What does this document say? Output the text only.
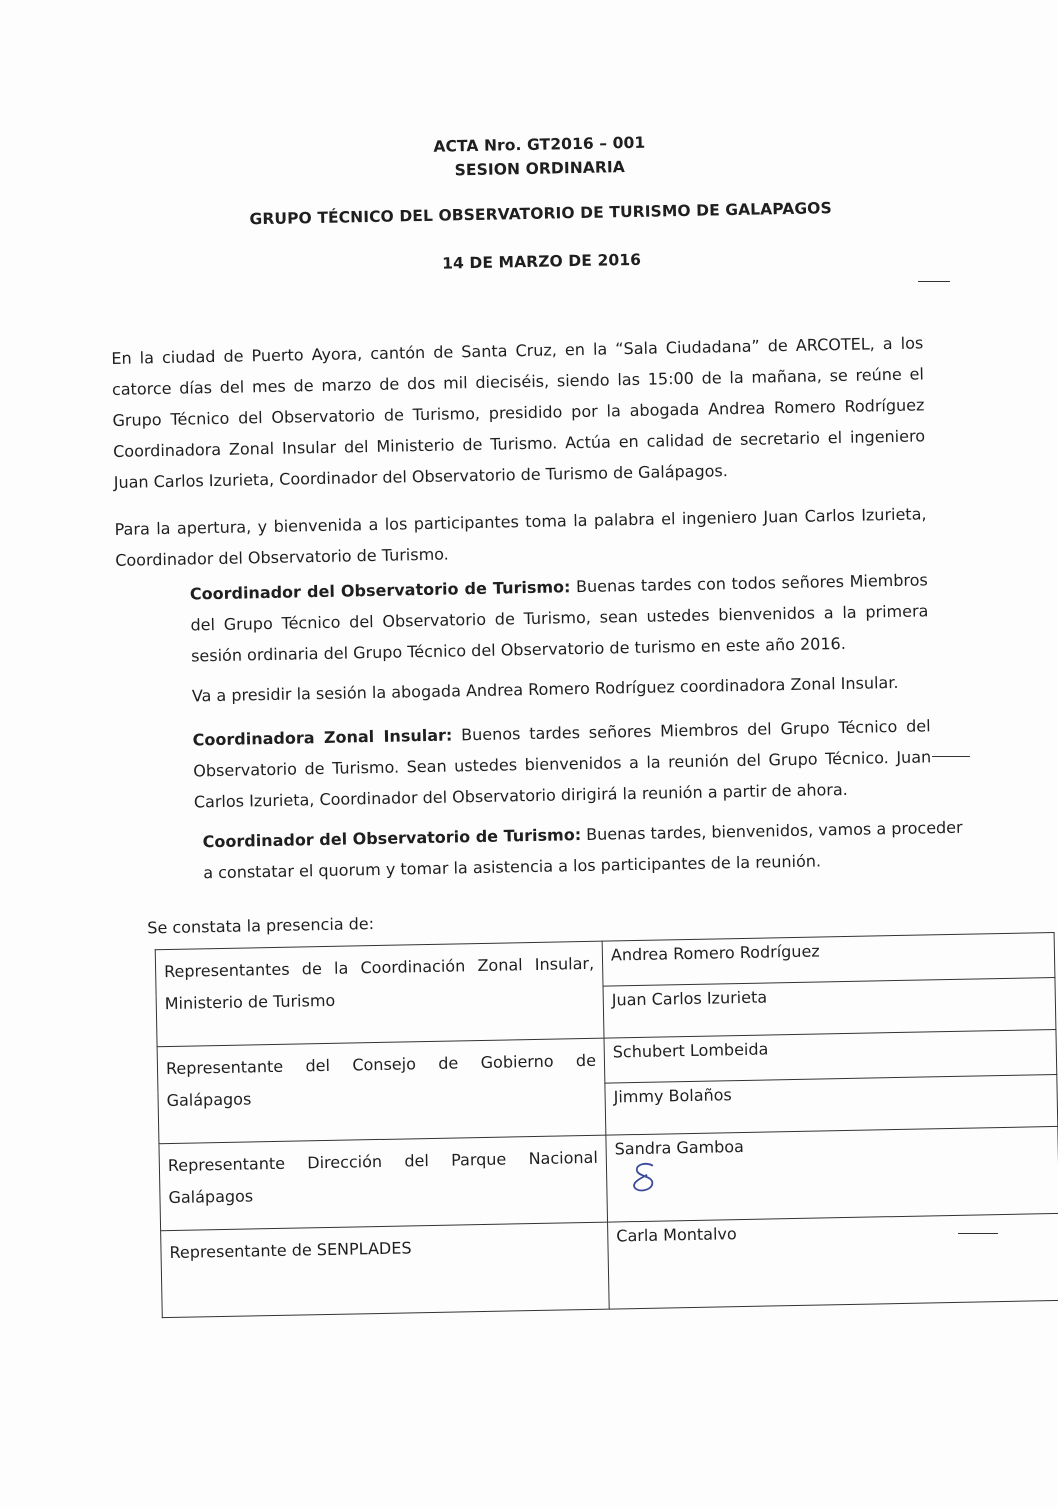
ACTA Nro. GT2016 – 001
SESION ORDINARIA
GRUPO TÉCNICO DEL OBSERVATORIO DE TURISMO DE GALAPAGOS
14 DE MARZO DE 2016
En la ciudad de Puerto Ayora, cantón de Santa Cruz, en la “Sala Ciudadana” de ARCOTEL, a los
catorce días del mes de marzo de dos mil dieciséis, siendo las 15:00 de la mañana, se reúne el
Grupo Técnico del Observatorio de Turismo, presidido por la abogada Andrea Romero Rodríguez
Coordinadora Zonal Insular del Ministerio de Turismo. Actúa en calidad de secretario el ingeniero
Juan Carlos Izurieta, Coordinador del Observatorio de Turismo de Galápagos.
Para la apertura, y bienvenida a los participantes toma la palabra el ingeniero Juan Carlos Izurieta,
Coordinador del Observatorio de Turismo.
Coordinador del Observatorio de Turismo: Buenas tardes con todos señores Miembros
del Grupo Técnico del Observatorio de Turismo, sean ustedes bienvenidos a la primera
sesión ordinaria del Grupo Técnico del Observatorio de turismo en este año 2016.
Va a presidir la sesión la abogada Andrea Romero Rodríguez coordinadora Zonal Insular.
Coordinadora Zonal Insular: Buenos tardes señores Miembros del Grupo Técnico del
Observatorio de Turismo. Sean ustedes bienvenidos a la reunión del Grupo Técnico. Juan
Carlos Izurieta, Coordinador del Observatorio dirigirá la reunión a partir de ahora.
Coordinador del Observatorio de Turismo: Buenas tardes, bienvenidos, vamos a proceder
a constatar el quorum y tomar la asistencia a los participantes de la reunión.
Se constata la presencia de:
Representantes de la Coordinación Zonal Insular,
Ministerio de Turismo	Andrea Romero Rodríguez
	Juan Carlos Izurieta

Representante del Consejo de Gobierno de
Galápagos	Schubert Lombeida
	Jimmy Bolaños

Representante Dirección del Parque Nacional
Galápagos	Sandra Gamboa

Representante de SENPLADES	Carla Montalvo
